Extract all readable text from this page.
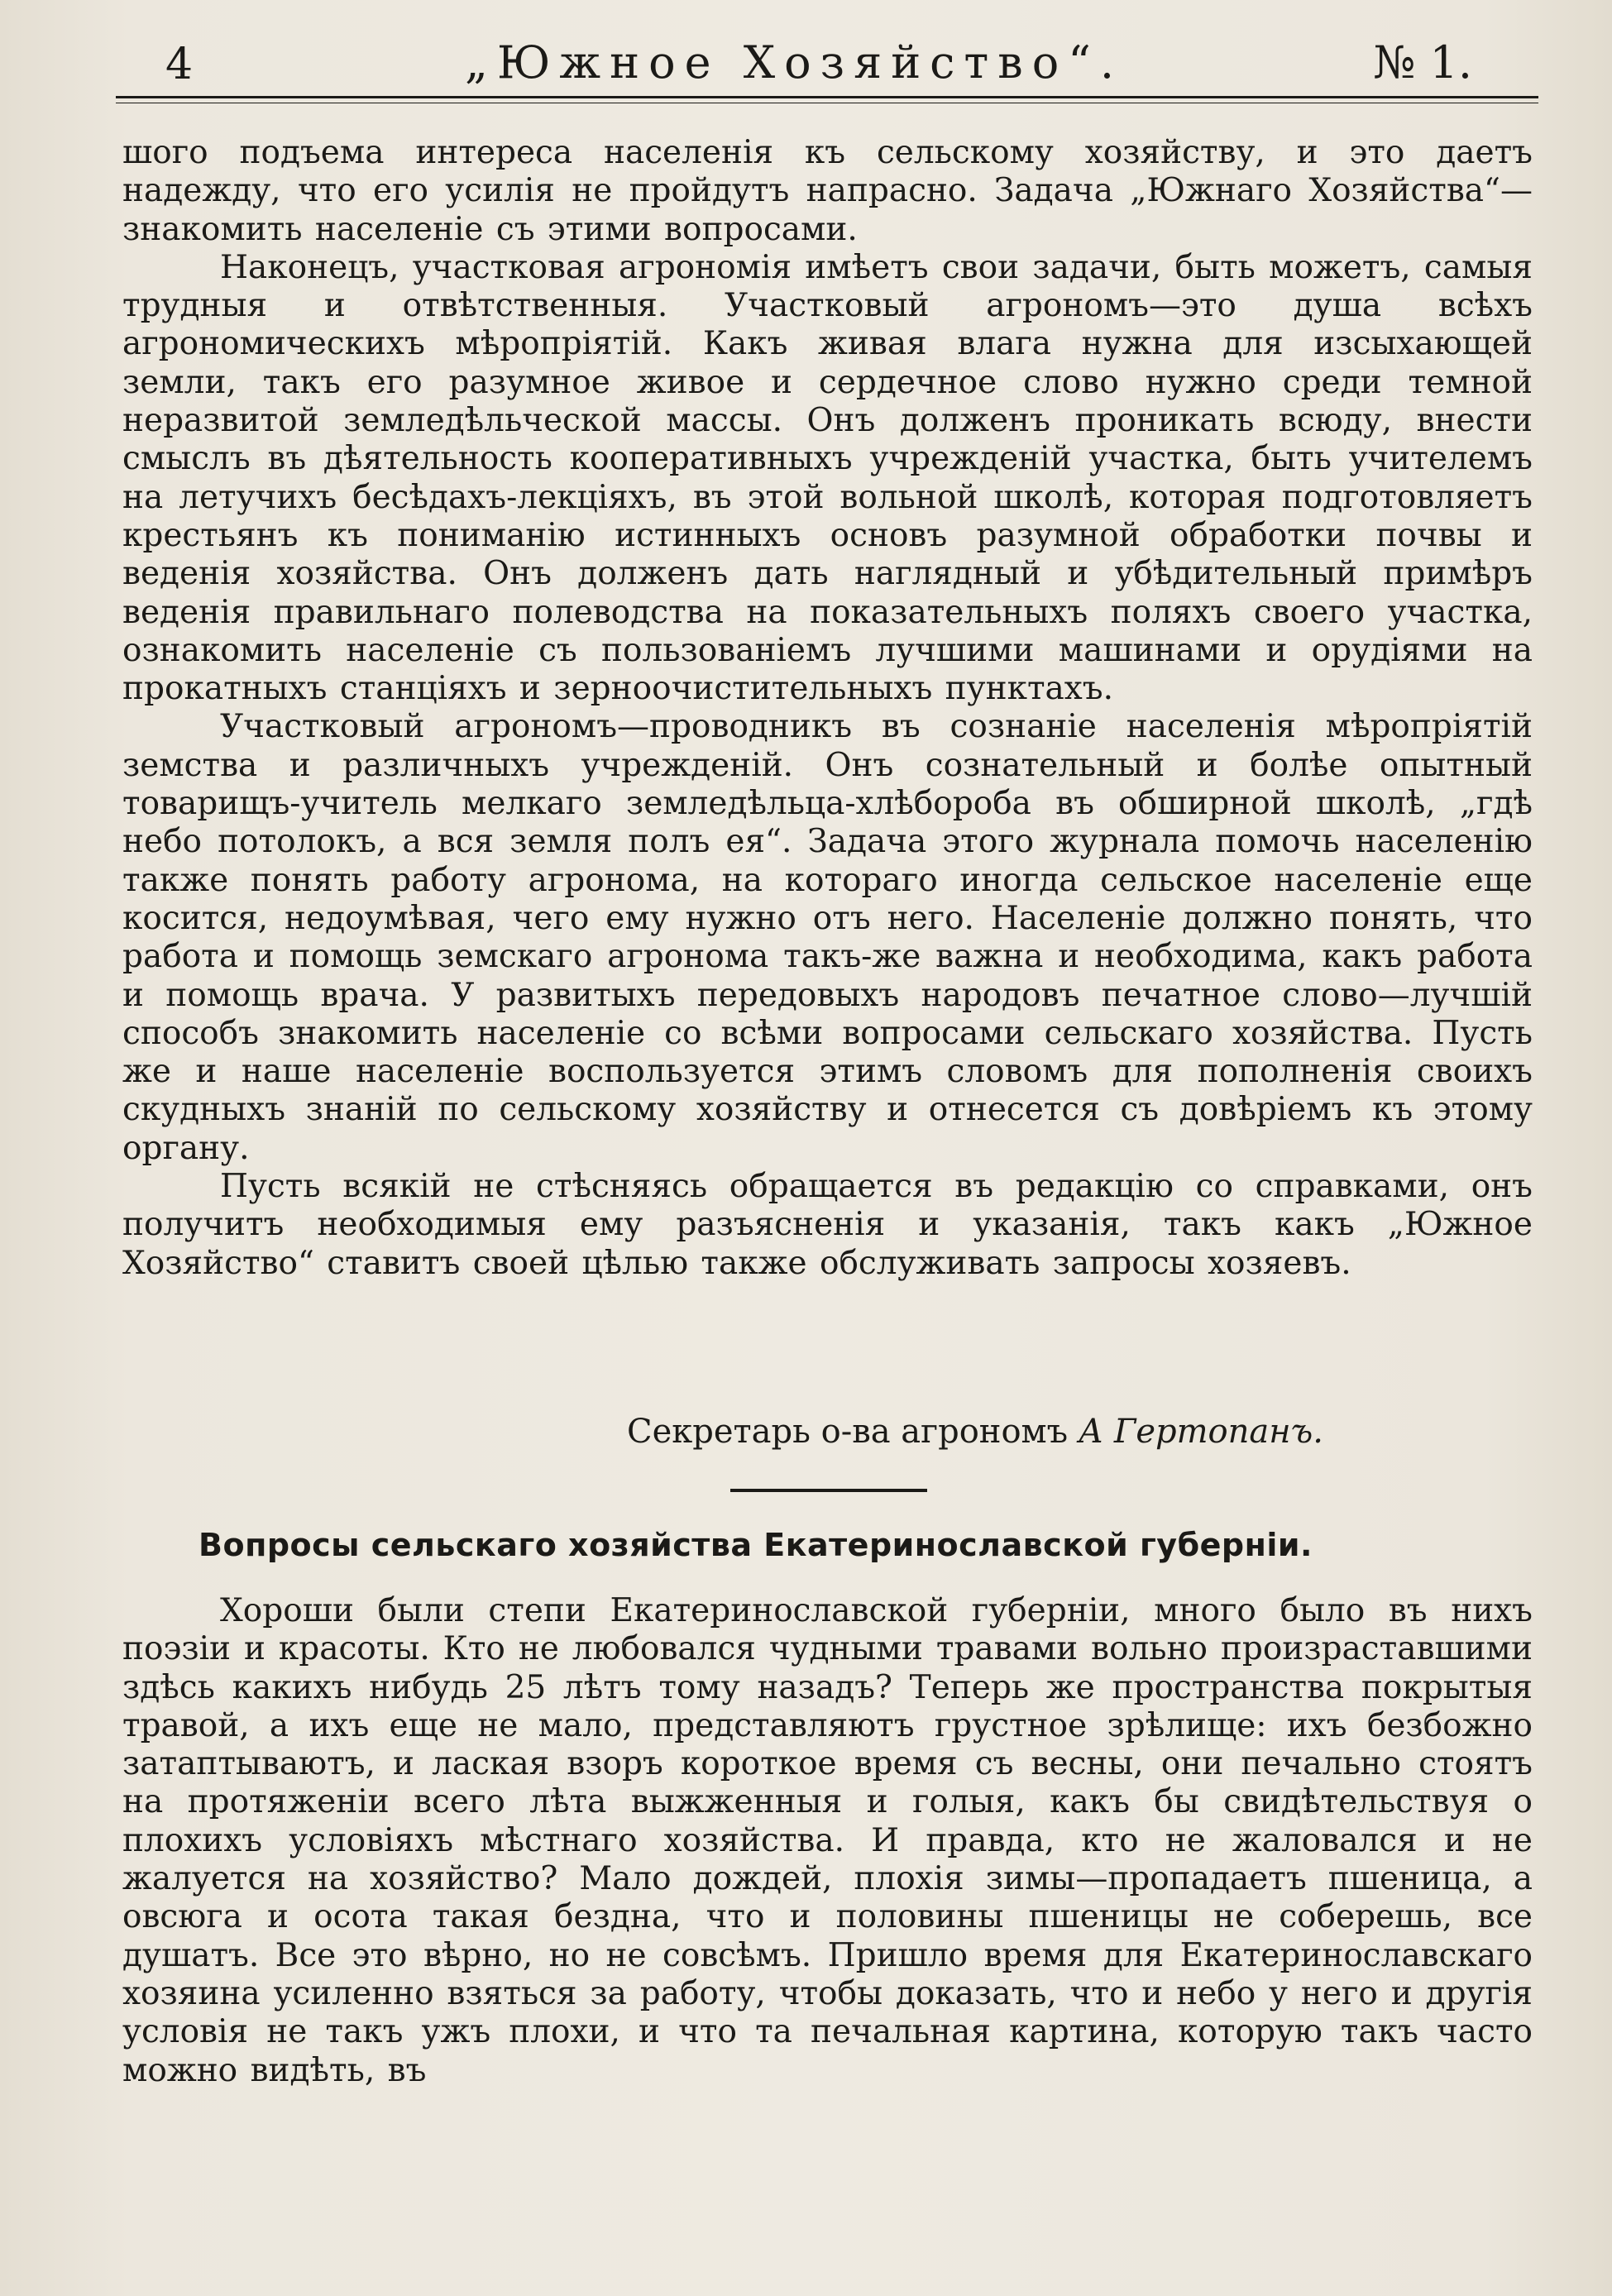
4	„Южное Хозяйство“.	№ 1.

шого подъема интереса населенія къ сельскому хозяйству, и это даетъ надежду, что его усилія не пройдутъ напрасно. Задача „Южнаго Хозяйства“—знакомить населеніе съ этими вопросами.

Наконецъ, участковая агрономія имѣетъ свои задачи, быть можетъ, самыя трудныя и отвѣтственныя. Участковый агрономъ—это душа всѣхъ агрономическихъ мѣропріятій. Какъ живая влага нужна для изсыхающей земли, такъ его разумное живое и сердечное слово нужно среди темной неразвитой земледѣльческой массы. Онъ долженъ проникать всюду, внести смыслъ въ дѣятельность кооперативныхъ учрежденій участка, быть учителемъ на летучихъ бесѣдахъ-лекціяхъ, въ этой вольной школѣ, которая подготовляетъ крестьянъ къ пониманію истинныхъ основъ разумной обработки почвы и веденія хозяйства. Онъ долженъ дать наглядный и убѣдительный примѣръ веденія правильнаго полеводства на показательныхъ поляхъ своего участка, ознакомить населеніе съ пользованіемъ лучшими машинами и орудіями на прокатныхъ станціяхъ и зерноочистительныхъ пунктахъ.

Участковый агрономъ—проводникъ въ сознаніе населенія мѣропріятій земства и различныхъ учрежденій. Онъ сознательный и болѣе опытный товарищъ-учитель мелкаго земледѣльца-хлѣбороба въ обширной школѣ, „гдѣ небо потолокъ, а вся земля полъ ея“. Задача этого журнала помочь населенію также понять работу агронома, на котораго иногда сельское населеніе еще косится, недоумѣвая, чего ему нужно отъ него. Населеніе должно понять, что работа и помощь земскаго агронома такъ-же важна и необходима, какъ работа и помощь врача. У развитыхъ передовыхъ народовъ печатное слово—лучшій способъ знакомить населеніе со всѣми вопросами сельскаго хозяйства. Пусть же и наше населеніе воспользуется этимъ словомъ для пополненія своихъ скудныхъ знаній по сельскому хозяйству и отнесется съ довѣріемъ къ этому органу.

Пусть всякій не стѣсняясь обращается въ редакцію со справками, онъ получитъ необходимыя ему разъясненія и указанія, такъ какъ „Южное Хозяйство“ ставитъ своей цѣлью также обслуживать запросы хозяевъ.

Секретарь о-ва агрономъ А Гертопанъ.
Вопросы сельскаго хозяйства Екатеринославской губерніи.

Хороши были степи Екатеринославской губерніи, много было въ нихъ поэзіи и красоты. Кто не любовался чудными травами вольно произраставшими здѣсь какихъ нибудь 25 лѣтъ тому назадъ? Теперь же пространства покрытыя травой, а ихъ еще не мало, представляютъ грустное зрѣлище: ихъ безбожно затаптываютъ, и лаская взоръ короткое время съ весны, они печально стоятъ на протяженіи всего лѣта выжженныя и голыя, какъ бы свидѣтельствуя о плохихъ условіяхъ мѣстнаго хозяйства. И правда, кто не жаловался и не жалуется на хозяйство? Мало дождей, плохія зимы—пропадаетъ пшеница, а овсюга и осота такая бездна, что и половины пшеницы не соберешь, все душатъ. Все это вѣрно, но не совсѣмъ. Пришло время для Екатеринославскаго хозяина усиленно взяться за работу, чтобы доказать, что и небо у него и другія условія не такъ ужъ плохи, и что та печальная картина, которую такъ часто можно видѣть, въ
